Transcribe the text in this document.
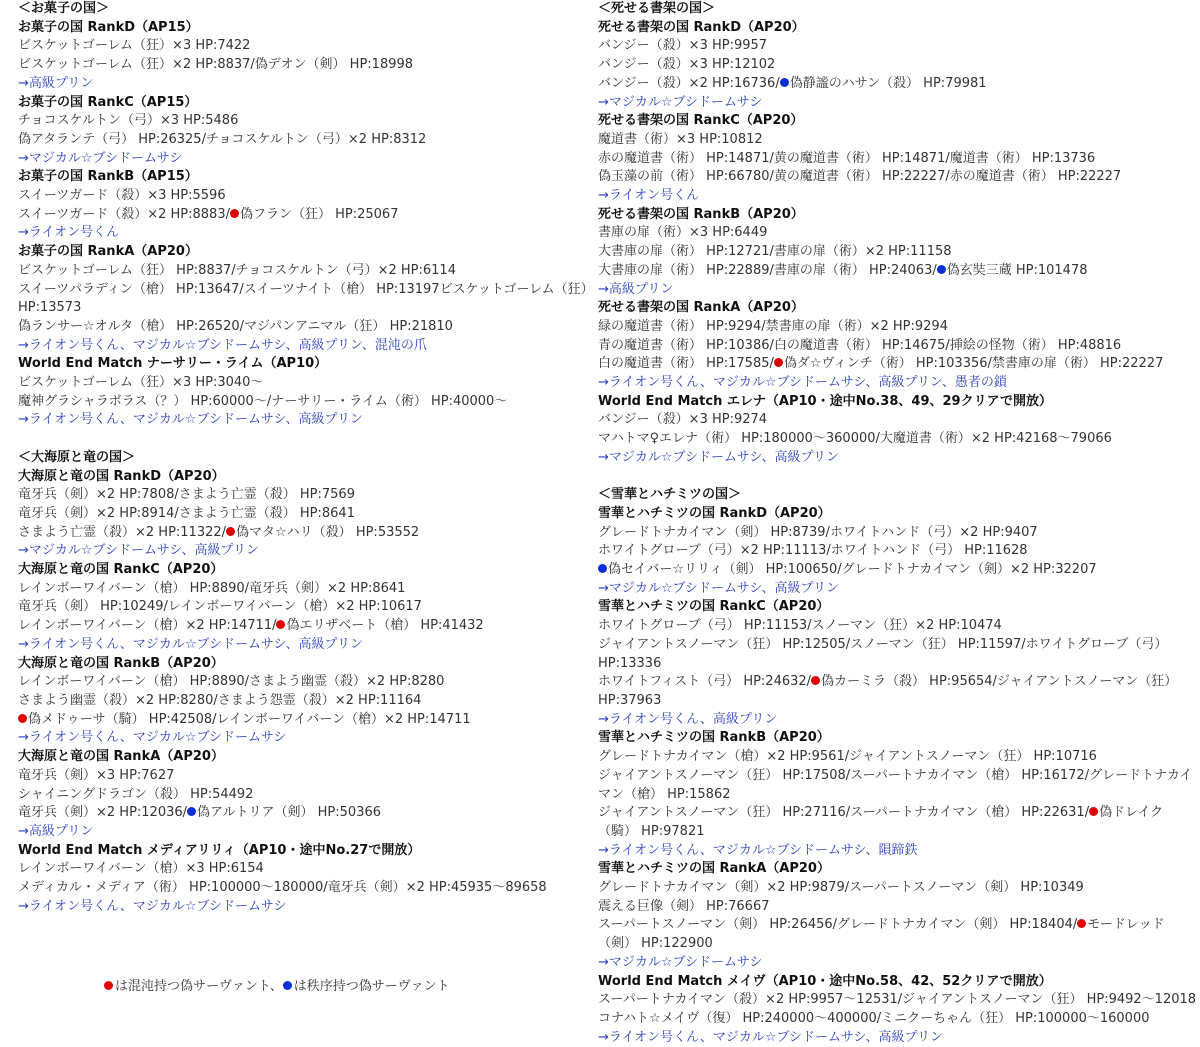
＜お菓子の国＞
お菓子の国 RankD（AP15）
ビスケットゴーレム（狂）×3 HP:7422
ビスケットゴーレム（狂）×2 HP:8837/偽デオン（剣） HP:18998
→高級プリン
お菓子の国 RankC（AP15）
チョコスケルトン（弓）×3 HP:5486
偽アタランテ（弓） HP:26325/チョコスケルトン（弓）×2 HP:8312
→マジカル☆ブシドームサシ
お菓子の国 RankB（AP15）
スイーツガード（殺）×3 HP:5596
スイーツガード（殺）×2 HP:8883/ 偽フラン（狂） HP:25067
→ライオン号くん
お菓子の国 RankA（AP20）
ビスケットゴーレム（狂） HP:8837/チョコスケルトン（弓）×2 HP:6114
スイーツパラディン（槍） HP:13647/スイーツナイト（槍） HP:13197ビスケットゴーレム（狂）
HP:13573
偽ランサー☆オルタ（槍） HP:26520/マジパンアニマル（狂） HP:21810
→ライオン号くん、マジカル☆ブシドームサシ、高級プリン、混沌の爪
World End Match ナーサリー・ライム（AP10）
ビスケットゴーレム（狂）×3 HP:3040～
魔神グラシャラボラス（？） HP:60000～/ナーサリー・ライム（術） HP:40000～
→ライオン号くん、マジカル☆ブシドームサシ、高級プリン
＜大海原と竜の国＞
大海原と竜の国 RankD（AP20）
竜牙兵（剣）×2 HP:7808/さまよう亡霊（殺） HP:7569
竜牙兵（剣）×2 HP:8914/さまよう亡霊（殺） HP:8641
さまよう亡霊（殺）×2 HP:11322/ 偽マタ☆ハリ（殺） HP:53552
→マジカル☆ブシドームサシ、高級プリン
大海原と竜の国 RankC（AP20）
レインボーワイバーン（槍） HP:8890/竜牙兵（剣）×2 HP:8641
竜牙兵（剣） HP:10249/レインボーワイバーン（槍）×2 HP:10617
レインボーワイバーン（槍）×2 HP:14711/ 偽エリザベート（槍） HP:41432
→ライオン号くん、マジカル☆ブシドームサシ、高級プリン
大海原と竜の国 RankB（AP20）
レインボーワイバーン（槍） HP:8890/さまよう幽霊（殺）×2 HP:8280
さまよう幽霊（殺）×2 HP:8280/さまよう怨霊（殺）×2 HP:11164
偽メドゥーサ（騎） HP:42508/レインボーワイバーン（槍）×2 HP:14711
→ライオン号くん、マジカル☆ブシドームサシ
大海原と竜の国 RankA（AP20）
竜牙兵（剣）×3 HP:7627
シャイニングドラゴン（殺） HP:54492
竜牙兵（剣）×2 HP:12036/ 偽アルトリア（剣） HP:50366
→高級プリン
World End Match メディアリリィ（AP10・途中No.27で開放）
レインボーワイバーン（槍）×3 HP:6154
メディカル・メディア（術） HP:100000～180000/竜牙兵（剣）×2 HP:45935～89658
→ライオン号くん、マジカル☆ブシドームサシ
は混沌持つ偽サーヴァント、 は秩序持つ偽サーヴァント
＜死せる書架の国＞
死せる書架の国 RankD（AP20）
バンジー（殺）×3 HP:9957
バンジー（殺）×3 HP:12102
バンジー（殺）×2 HP:16736/ 偽静謐のハサン（殺） HP:79981
→マジカル☆ブシドームサシ
死せる書架の国 RankC（AP20）
魔道書（術）×3 HP:10812
赤の魔道書（術） HP:14871/黄の魔道書（術） HP:14871/魔道書（術） HP:13736
偽玉藻の前（術） HP:66780/黄の魔道書（術） HP:22227/赤の魔道書（術） HP:22227
→ライオン号くん
死せる書架の国 RankB（AP20）
書庫の扉（術）×3 HP:6449
大書庫の扉（術） HP:12721/書庫の扉（術）×2 HP:11158
大書庫の扉（術） HP:22889/書庫の扉（術） HP:24063/ 偽玄奘三蔵 HP:101478
→高級プリン
死せる書架の国 RankA（AP20）
緑の魔道書（術） HP:9294/禁書庫の扉（術）×2 HP:9294
青の魔道書（術） HP:10386/白の魔道書（術） HP:14675/挿絵の怪物（術） HP:48816
白の魔道書（術） HP:17585/ 偽ダ☆ヴィンチ（術） HP:103356/禁書庫の扉（術） HP:22227
→ライオン号くん、マジカル☆ブシドームサシ、高級プリン、愚者の鎖
World End Match エレナ（AP10・途中No.38、49、29クリアで開放）
バンジー（殺）×3 HP:9274
マハトマ♀エレナ（術） HP:180000～360000/大魔道書（術）×2 HP:42168～79066
→マジカル☆ブシドームサシ、高級プリン
＜雪華とハチミツの国＞
雪華とハチミツの国 RankD（AP20）
グレードトナカイマン（剣） HP:8739/ホワイトハンド（弓）×2 HP:9407
ホワイトグローブ（弓）×2 HP:11113/ホワイトハンド（弓） HP:11628
偽セイバー☆リリィ（剣） HP:100650/グレードトナカイマン（剣）×2 HP:32207
→マジカル☆ブシドームサシ、高級プリン
雪華とハチミツの国 RankC（AP20）
ホワイトグローブ（弓） HP:11153/スノーマン（狂）×2 HP:10474
ジャイアントスノーマン（狂） HP:12505/スノーマン（狂） HP:11597/ホワイトグローブ（弓）
HP:13336
ホワイトフィスト（弓） HP:24632/ 偽カーミラ（殺） HP:95654/ジャイアントスノーマン（狂）
HP:37963
→ライオン号くん、高級プリン
雪華とハチミツの国 RankB（AP20）
グレードトナカイマン（槍）×2 HP:9561/ジャイアントスノーマン（狂） HP:10716
ジャイアントスノーマン（狂） HP:17508/スーパートナカイマン（槍） HP:16172/グレードトナカイ
マン（槍） HP:15862
ジャイアントスノーマン（狂） HP:27116/スーパートナカイマン（槍） HP:22631/ 偽ドレイク
（騎） HP:97821
→ライオン号くん、マジカル☆ブシドームサシ、隕蹄鉄
雪華とハチミツの国 RankA（AP20）
グレードトナカイマン（剣）×2 HP:9879/スーパートスノーマン（剣） HP:10349
震える巨像（剣） HP:76667
スーパートスノーマン（剣） HP:26456/グレードトナカイマン（剣） HP:18404/ モードレッド
（剣） HP:122900
→マジカル☆ブシドームサシ
World End Match メイヴ（AP10・途中No.58、42、52クリアで開放）
スーパートナカイマン（殺）×2 HP:9957～12531/ジャイアントスノーマン（狂） HP:9492～12018
コナハト☆メイヴ（復） HP:240000～400000/ミニクーちゃん（狂） HP:100000～160000
→ライオン号くん、マジカル☆ブシドームサシ、高級プリン
